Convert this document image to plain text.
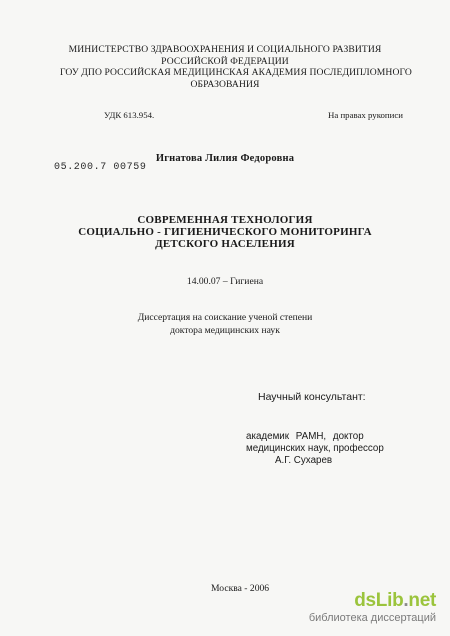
МИНИСТЕРСТВО ЗДРАВООХРАНЕНИЯ И СОЦИАЛЬНОГО РАЗВИТИЯ
РОССИЙСКОЙ ФЕДЕРАЦИИ
ГОУ ДПО РОССИЙСКАЯ МЕДИЦИНСКАЯ АКАДЕМИЯ ПОСЛЕДИПЛОМНОГО
ОБРАЗОВАНИЯ
УДК 613.954.	На правах рукописи
Игнатова Лилия Федоровна
05.200.7 00759
СОВРЕМЕННАЯ ТЕХНОЛОГИЯ
СОЦИАЛЬНО - ГИГИЕНИЧЕСКОГО МОНИТОРИНГА
ДЕТСКОГО НАСЕЛЕНИЯ
14.00.07 – Гигиена
Диссертация на соискание ученой степени
доктора медицинских наук
Научный консультант:
академик РАМН, доктор
медицинских наук, профессор
А.Г. Сухарев
Москва - 2006
dsLib.net
библиотека диссертаций
